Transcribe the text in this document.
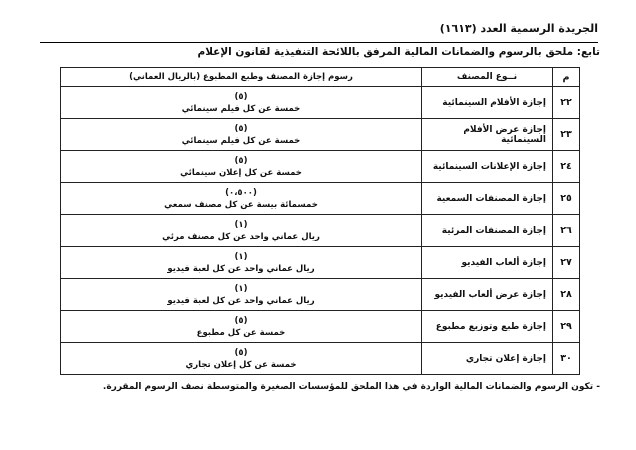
الجريدة الرسمية العدد (١٦١٣)
تابع: ملحق بالرسوم والضمانات المالية المرفق باللائحة التنفيذية لقانون الإعلام
م	نــوع المصنف	رسوم إجازة المصنف وطبع المطبوع (بالريال العماني)
٢٢	إجازة الأفلام السينمائية	(٥)
خمسة عن كل فيلم سينمائي

٢٣	إجازة عرض الأفلام السينمائية	(٥)
خمسة عن كل فيلم سينمائي

٢٤	إجازة الإعلانات السينمائية	(٥)
خمسة عن كل إعلان سينمائي

٢٥	إجازة المصنفات السمعية	(٠،٥٠٠)
خمسمائة بيسة عن كل مصنف سمعي

٢٦	إجازة المصنفات المرئية	(١)
ريال عماني واحد عن كل مصنف مرئي

٢٧	إجازة ألعاب الفيديو	(١)
ريال عماني واحد عن كل لعبة فيديو

٢٨	إجازة عرض ألعاب الفيديو	(١)
ريال عماني واحد عن كل لعبة فيديو

٢٩	إجازة طبع وتوزيع مطبوع	(٥)
خمسة عن كل مطبوع

٣٠	إجازة إعلان تجاري	(٥)
خمسة عن كل إعلان تجاري
- تكون الرسوم والضمانات المالية الواردة في هذا الملحق للمؤسسات الصغيرة والمتوسطة نصف الرسوم المقررة.
